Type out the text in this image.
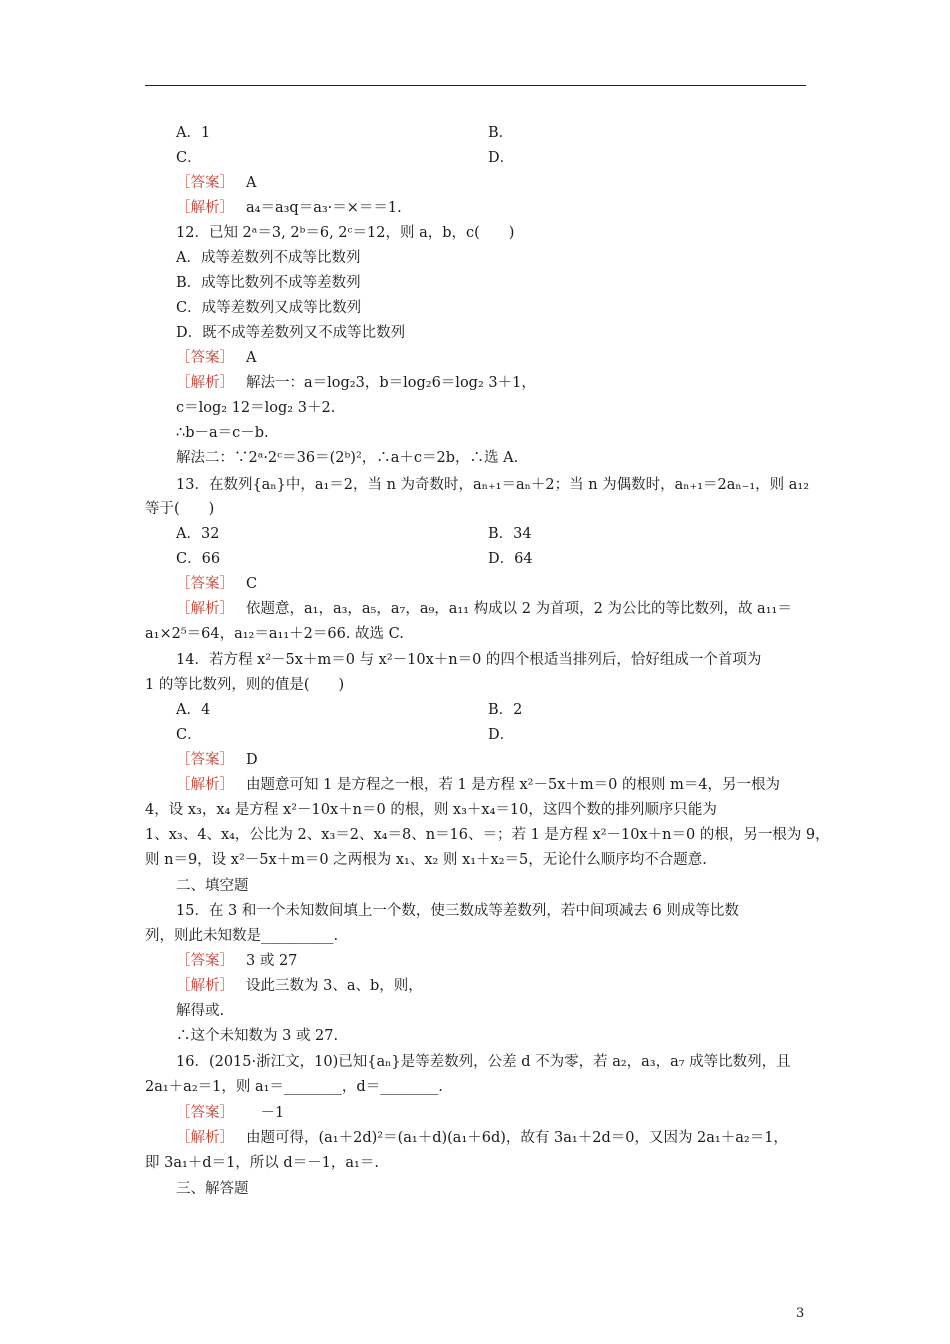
A．1	B．
C．	D．
［答案］ A
［解析］ a₄＝a₃q＝a₃·＝×＝＝1.
12．已知 2ᵃ＝3, 2ᵇ＝6, 2ᶜ＝12，则 a，b，c(　　)
A．成等差数列不成等比数列
B．成等比数列不成等差数列
C．成等差数列又成等比数列
D．既不成等差数列又不成等比数列
［答案］ A
［解析］ 解法一：a＝log₂3，b＝log₂6＝log₂ 3＋1，
c＝log₂ 12＝log₂ 3＋2.
∴b－a＝c－b.
解法二：∵2ᵃ·2ᶜ＝36＝(2ᵇ)²，∴a＋c＝2b，∴选 A.
13．在数列{aₙ}中，a₁＝2，当 n 为奇数时，aₙ₊₁＝aₙ＋2；当 n 为偶数时，aₙ₊₁＝2aₙ₋₁，则 a₁₂
等于(　　)
A．32	B．34
C．66	D．64
［答案］ C
［解析］ 依题意，a₁，a₃，a₅，a₇，a₉，a₁₁ 构成以 2 为首项，2 为公比的等比数列，故 a₁₁＝
a₁×2⁵＝64，a₁₂＝a₁₁＋2＝66. 故选 C.
14．若方程 x²－5x＋m＝0 与 x²－10x＋n＝0 的四个根适当排列后，恰好组成一个首项为
1 的等比数列，则的值是(　　)
A．4	B．2
C．	D．
［答案］ D
［解析］ 由题意可知 1 是方程之一根，若 1 是方程 x²－5x＋m＝0 的根则 m＝4，另一根为
4，设 x₃，x₄ 是方程 x²－10x＋n＝0 的根，则 x₃＋x₄＝10，这四个数的排列顺序只能为
1、x₃、4、x₄，公比为 2、x₃＝2、x₄＝8、n＝16、＝；若 1 是方程 x²－10x＋n＝0 的根，另一根为 9，
则 n＝9，设 x²－5x＋m＝0 之两根为 x₁、x₂ 则 x₁＋x₂＝5，无论什么顺序均不合题意.
二、填空题
15．在 3 和一个未知数间填上一个数，使三数成等差数列，若中间项减去 6 则成等比数
列，则此未知数是__________.
［答案］ 3 或 27
［解析］ 设此三数为 3、a、b，则，
解得或.
∴这个未知数为 3 或 27.
16．(2015·浙江文，10)已知{aₙ}是等差数列，公差 d 不为零，若 a₂，a₃，a₇ 成等比数列，且
2a₁＋a₂＝1，则 a₁＝________，d＝________.
［答案］　－1
［解析］ 由题可得，(a₁＋2d)²＝(a₁＋d)(a₁＋6d)，故有 3a₁＋2d＝0，又因为 2a₁＋a₂＝1，
即 3a₁＋d＝1，所以 d＝－1，a₁＝.
三、解答题
3
